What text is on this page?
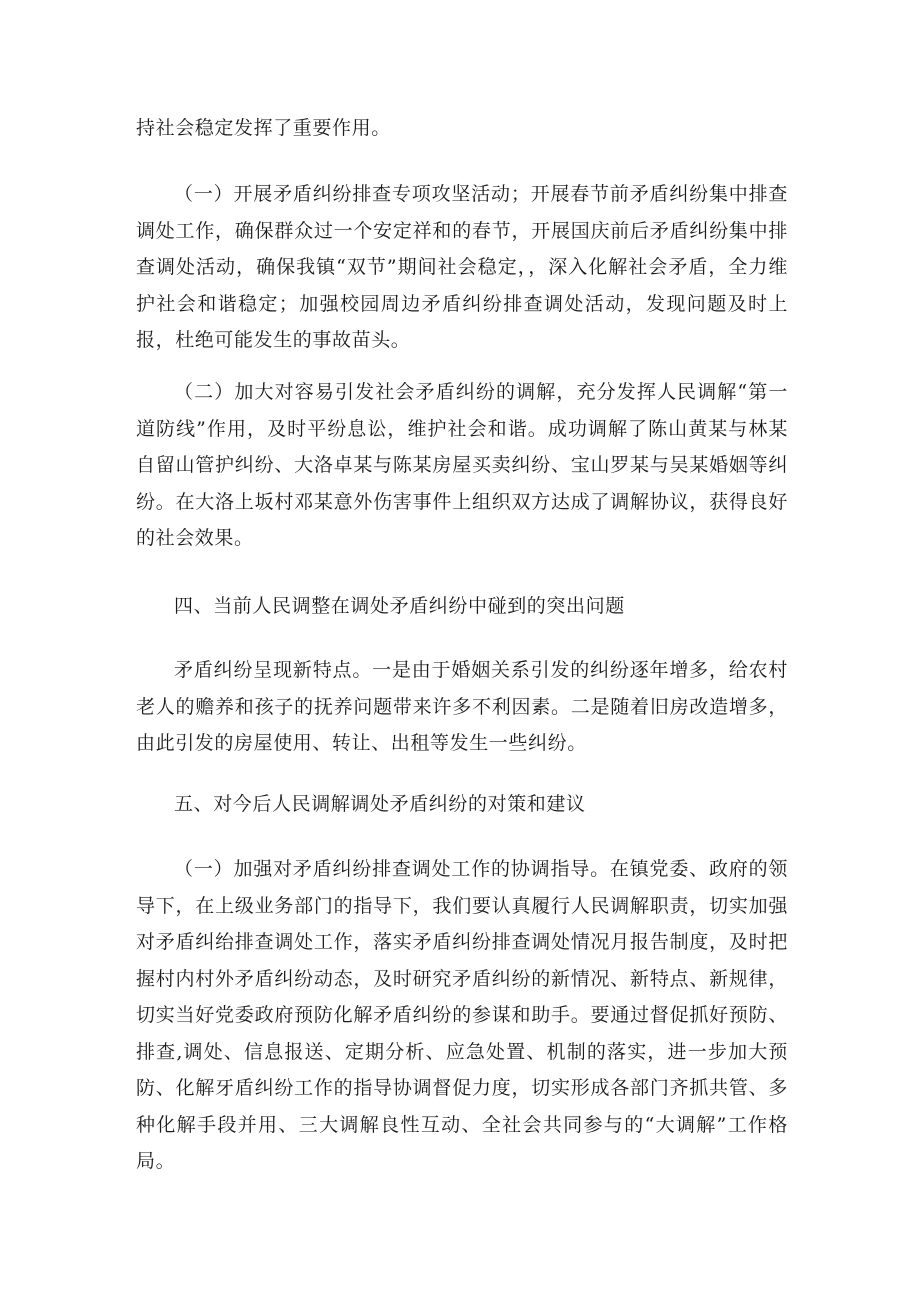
持社会稳定发挥了重要作用。

（一）开展矛盾纠纷排查专项攻坚活动；开展春节前矛盾纠纷集中排查调处工作，确保群众过一个安定祥和的春节，开展国庆前后矛盾纠纷集中排查调处活动，确保我镇“双节”期间社会稳定，，深入化解社会矛盾，全力维护社会和谐稳定；加强校园周边矛盾纠纷排查调处活动，发现问题及时上报，杜绝可能发生的事故苗头。

（二）加大对容易引发社会矛盾纠纷的调解，充分发挥人民调解“第一道防线”作用，及时平纷息讼，维护社会和谐。成功调解了陈山黄某与林某自留山管护纠纷、大洛卓某与陈某房屋买卖纠纷、宝山罗某与吴某婚姻等纠纷。在大洛上坂村邓某意外伤害事件上组织双方达成了调解协议，获得良好的社会效果。

四、当前人民调整在调处矛盾纠纷中碰到的突出问题

矛盾纠纷呈现新特点。一是由于婚姻关系引发的纠纷逐年增多，给农村老人的赡养和孩子的抚养问题带来许多不利因素。二是随着旧房改造增多，由此引发的房屋使用、转让、出租等发生一些纠纷。

五、对今后人民调解调处矛盾纠纷的对策和建议

（一）加强对矛盾纠纷排查调处工作的协调指导。在镇党委、政府的领导下，在上级业务部门的指导下，我们要认真履行人民调解职责，切实加强对矛盾纠绐排查调处工作，落实矛盾纠纷排查调处情况月报告制度，及时把握村内村外矛盾纠纷动态，及时研究矛盾纠纷的新情况、新特点、新规律，切实当好党委政府预防化解矛盾纠纷的参谋和助手。要通过督促抓好预防、排查,调处、信息报送、定期分析、应急处置、机制的落实，进一步加大预防、化解牙盾纠纷工作的指导协调督促力度，切实形成各部门齐抓共管、多种化解手段并用、三大调解良性互动、全社会共同参与的“大调解”工作格局。
